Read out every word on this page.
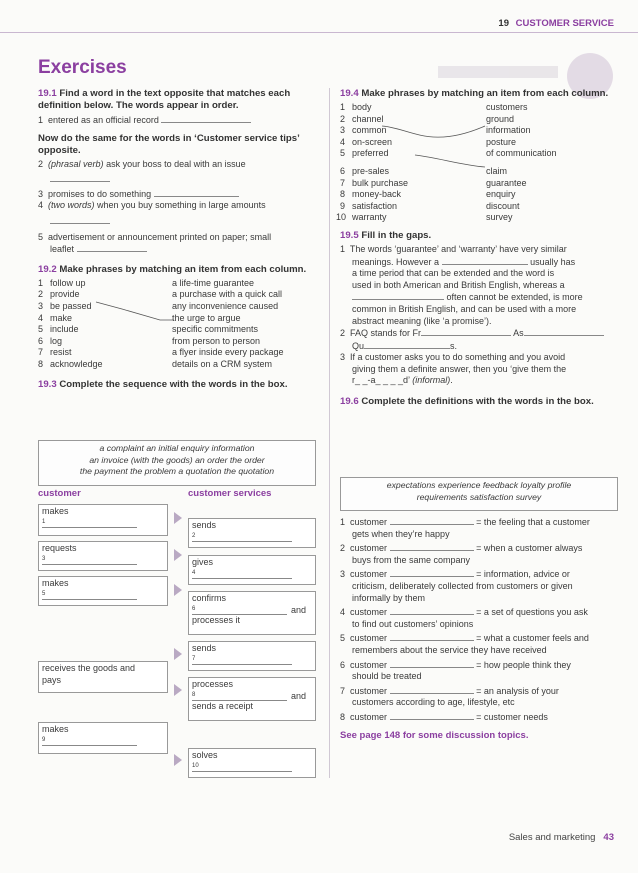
19 CUSTOMER SERVICE
Exercises
19.1 Find a word in the text opposite that matches each definition below. The words appear in order.
1 entered as an official record
Now do the same for the words in ‘Customer service tips’ opposite.
2 (phrasal verb) ask your boss to deal with an issue
3 promises to do something
4 (two words) when you buy something in large amounts
5  advertisement or announcement printed on paper; small
leaflet
19.2 Make phrases by matching an item from each column.
1 follow up	a life-time guarantee
2 provide	a purchase with a quick call
3 be passed	any inconvenience caused
4 make	the urge to argue
5 include	specific commitments
6 log	from person to person
7 resist	a flyer inside every package
8 acknowledge	details on a CRM system
19.3 Complete the sequence with the words in the box.
a complaint an initial enquiry information
an invoice (with the goods) an order the order
the payment the problem a quotation the quotation
customer	customer services
makes
1
requests
3
makes
5
receives the goods and
pays
makes
9
sends
2
gives
4
confirms
6	and
processes it
sends
7
processes
8	and
sends a receipt
solves
10
19.4 Make phrases by matching an item from each column.
1 body	customers
2 channel	ground
3 common	information
4 on-screen	posture
5 preferred	of communication
6 pre-sales	claim
7 bulk purchase	guarantee
8 money-back	enquiry
9 satisfaction	discount
10 warranty	survey
19.5 Fill in the gaps.
1 The words ‘guarantee’ and ‘warranty’ have very similar
meanings. However a	usually has
a time period that can be extended and the word is
used in both American and British English, whereas a
often cannot be extended, is more
common in British English, and can be used with a more
abstract meaning (like ‘a promise’).
2 FAQ stands for Fr	As
Qu	s.
3 If a customer asks you to do something and you avoid
giving them a definite answer, then you ‘give them the
r_ _-a_ _ _ _d’ (informal).
19.6 Complete the definitions with the words in the box.
expectations experience feedback loyalty profile
requirements satisfaction survey
1 customer	= the feeling that a customer
gets when they’re happy
2 customer	= when a customer always
buys from the same company
3 customer	= information, advice or
criticism, deliberately collected from customers or given
informally by them
4 customer	= a set of questions you ask
to find out customers’ opinions
5 customer	= what a customer feels and
remembers about the service they have received
6 customer	= how people think they
should be treated
7 customer	= an analysis of your
customers according to age, lifestyle, etc
8 customer	= customer needs
See page 148 for some discussion topics.
Sales and marketing 43
